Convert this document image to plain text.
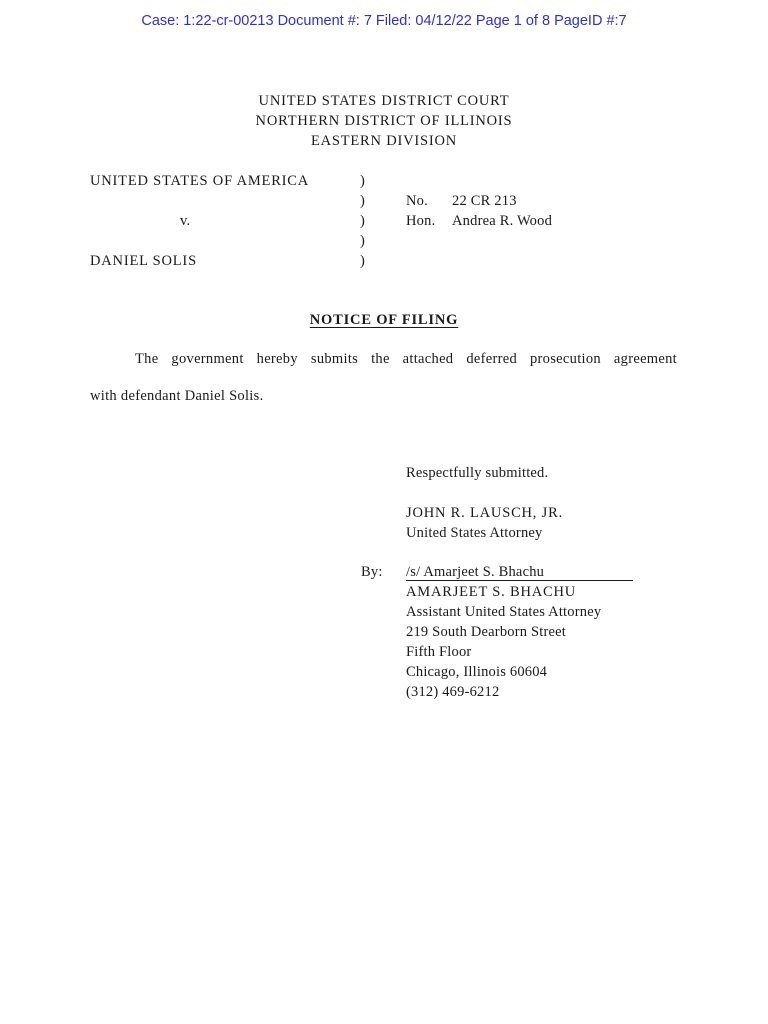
Case: 1:22-cr-00213 Document #: 7 Filed: 04/12/22 Page 1 of 8 PageID #:7
UNITED STATES DISTRICT COURT
NORTHERN DISTRICT OF ILLINOIS
EASTERN DIVISION
UNITED STATES OF AMERICA
v.
DANIEL SOLIS
)
)
)
)
)
No. 22 CR 213
Hon. Andrea R. Wood
NOTICE OF FILING
The government hereby submits the attached deferred prosecution agreement
with defendant Daniel Solis.
Respectfully submitted.
JOHN R. LAUSCH, JR.
United States Attorney
By: /s/ Amarjeet S. Bhachu
AMARJEET S. BHACHU
Assistant United States Attorney
219 South Dearborn Street
Fifth Floor
Chicago, Illinois 60604
(312) 469-6212
